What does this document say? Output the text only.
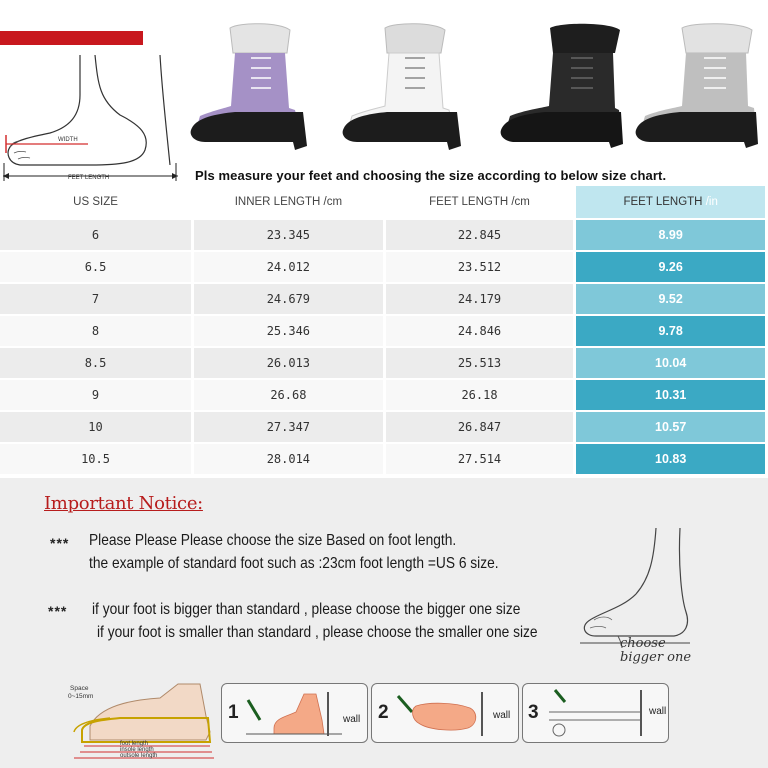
WIDTH
FEET LENGTH	Pls measure your feet and choosing the size according to below size chart.
US SIZE	INNER LENGTH /cm	FEET LENGTH /cm	FEET LENGTH /in
6	23.345	22.845	8.99
6.5	24.012	23.512	9.26
7	24.679	24.179	9.52
8	25.346	24.846	9.78
8.5	26.013	25.513	10.04
9	26.68	26.18	10.31
10	27.347	26.847	10.57
10.5	28.014	27.514	10.83
Important Notice:
*** Please Please Please choose the size Based on foot length.
the example of standard foot such as :23cm foot length =US 6 size.
*** if your foot is bigger than standard , please choose the bigger one size
if your foot is smaller than standard , please choose the smaller one size
choose
bigger one
Space
0~15mm
foot length
insole length
outsole length
1	wall 2	wall 3	wall
